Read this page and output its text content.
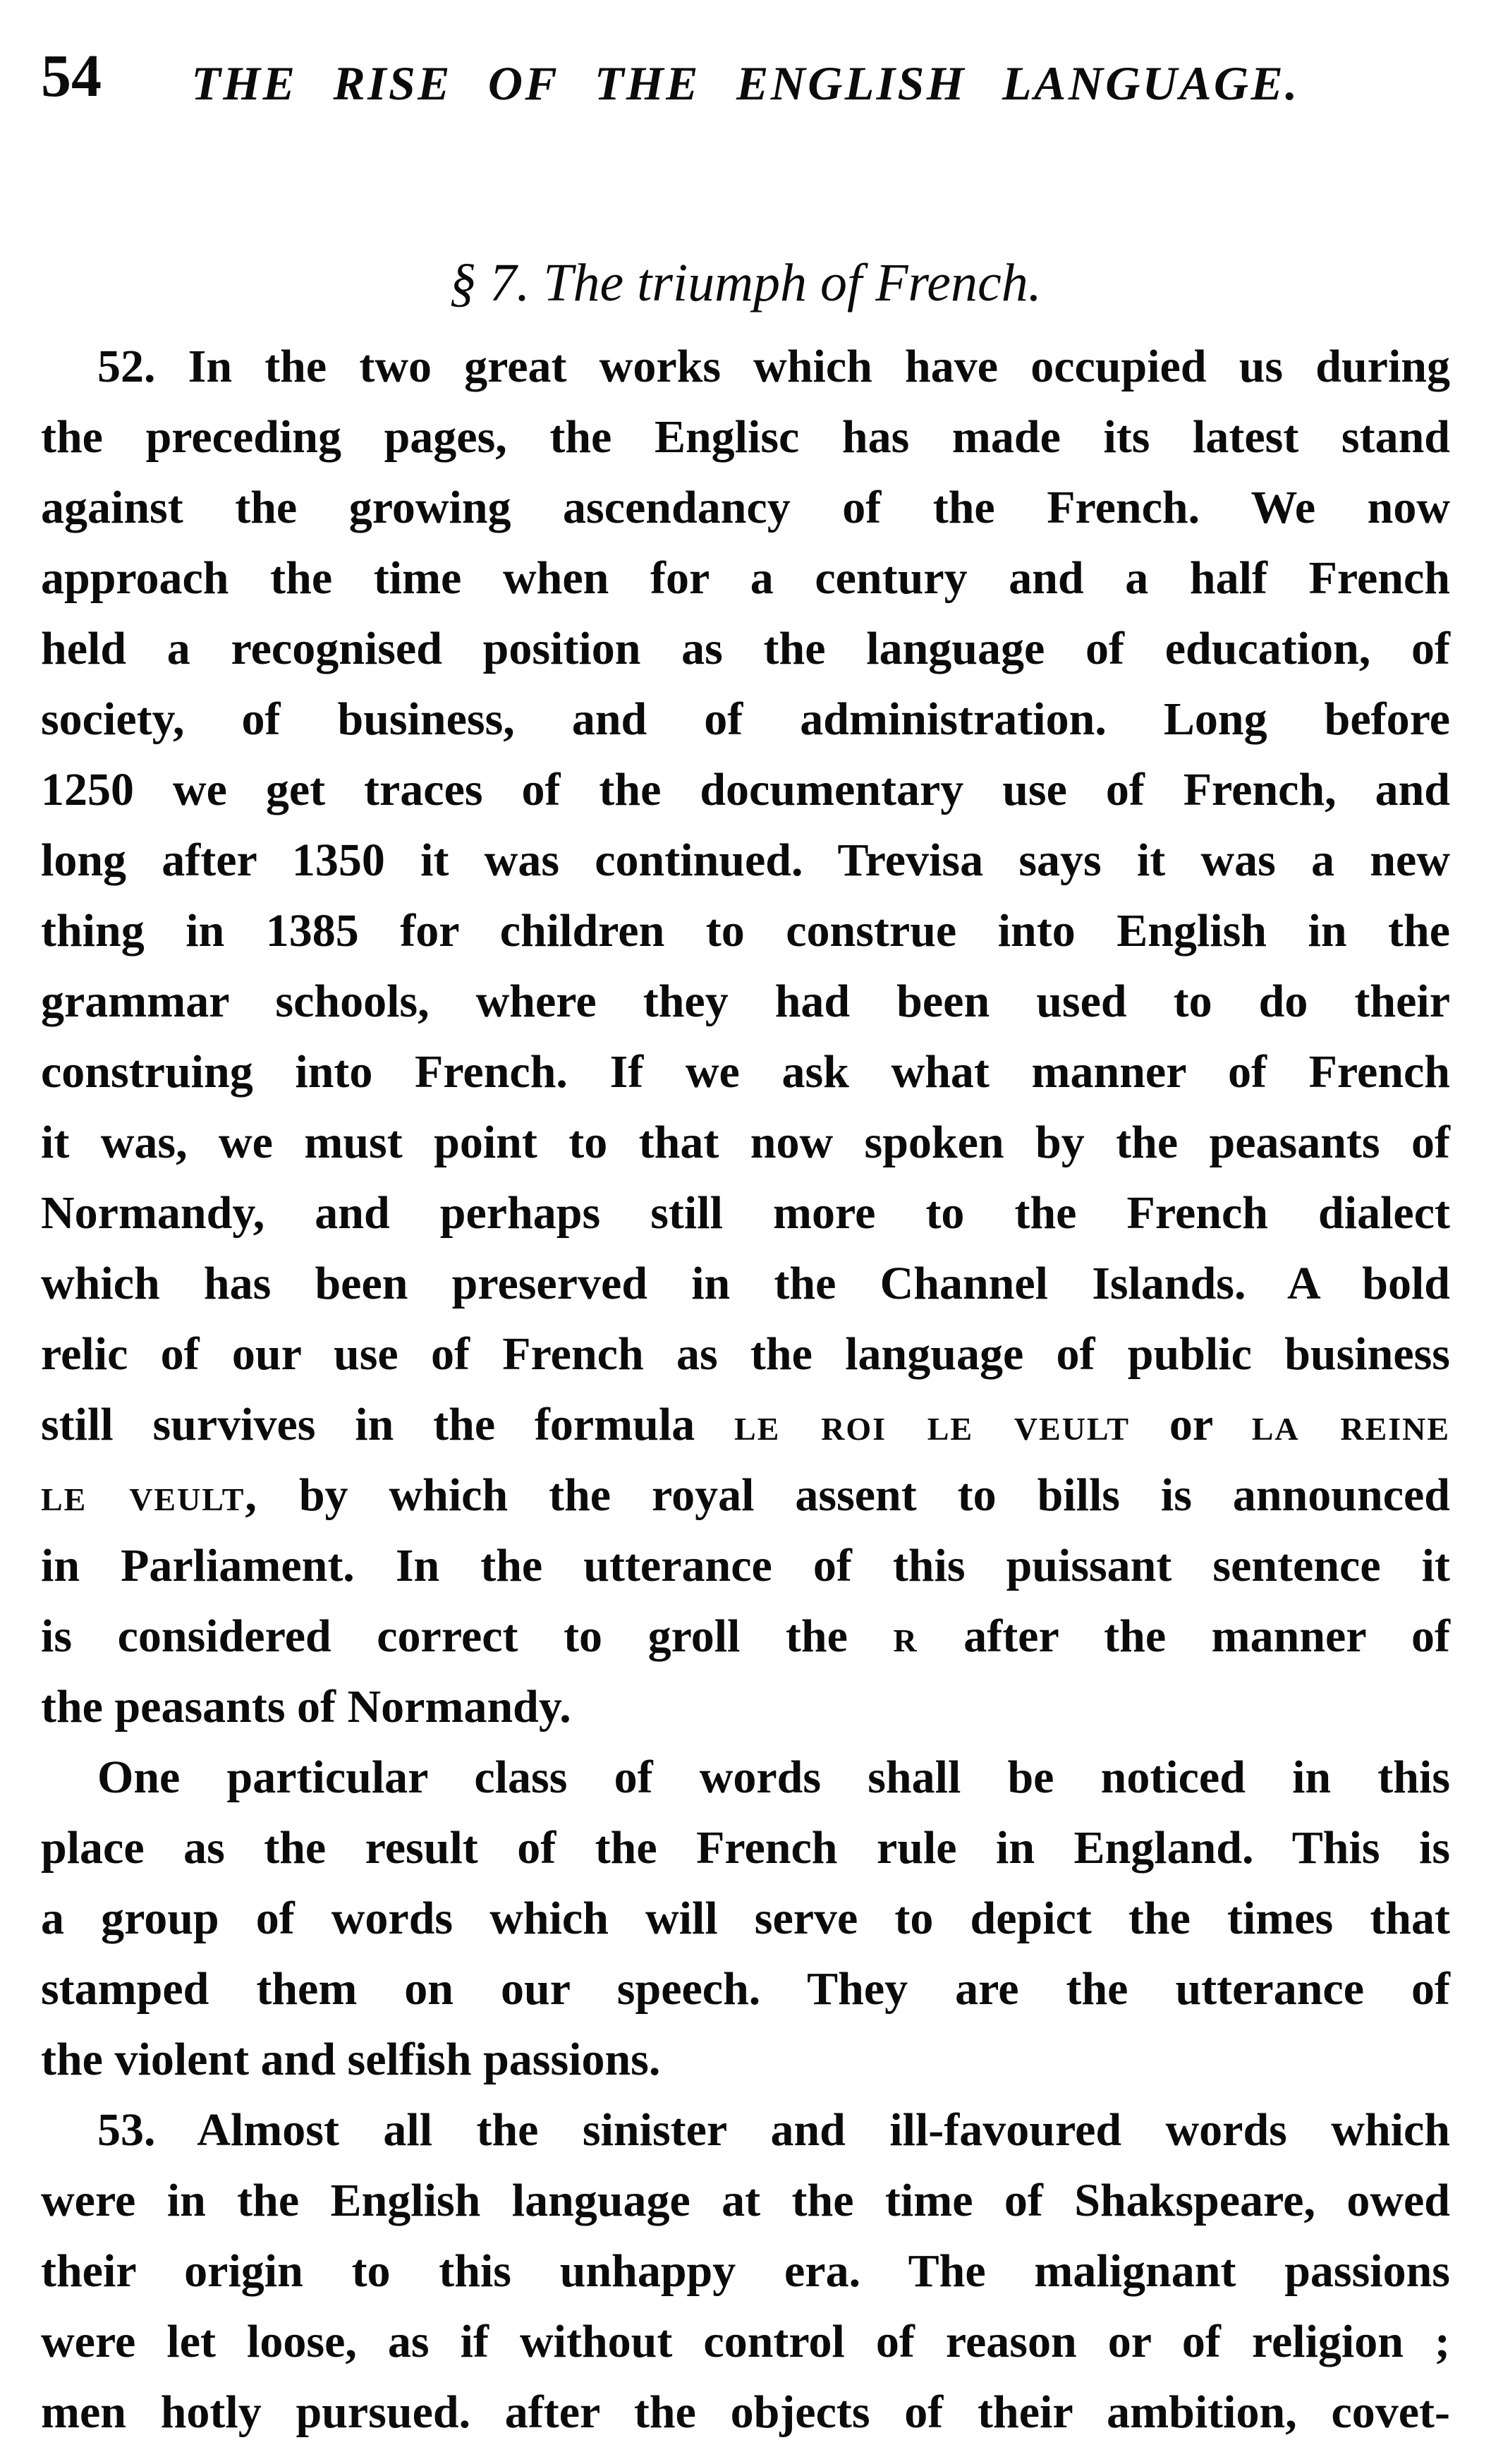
54	THE RISE OF THE ENGLISH LANGUAGE.
§ 7. The triumph of French.
52. In the two great works which have occupied us during
the preceding pages, the Englisc has made its latest stand
against the growing ascendancy of the French. We now
approach the time when for a century and a half French
held a recognised position as the language of education, of
society, of business, and of administration. Long before
1250 we get traces of the documentary use of French, and
long after 1350 it was continued. Trevisa says it was a new
thing in 1385 for children to construe into English in the
grammar schools, where they had been used to do their
construing into French. If we ask what manner of French
it was, we must point to that now spoken by the peasants of
Normandy, and perhaps still more to the French dialect
which has been preserved in the Channel Islands. A bold
relic of our use of French as the language of public business
still survives in the formula le roi le veult or la reine
le veult, by which the royal assent to bills is announced
in Parliament. In the utterance of this puissant sentence it
is considered correct to groll the r after the manner of
the peasants of Normandy.
One particular class of words shall be noticed in this
place as the result of the French rule in England. This is
a group of words which will serve to depict the times that
stamped them on our speech. They are the utterance of
the violent and selfish passions.
53. Almost all the sinister and ill-favoured words which
were in the English language at the time of Shakspeare, owed
their origin to this unhappy era. The malignant passions
were let loose, as if without control of reason or of religion ;
men hotly pursued. after the objects of their ambition, covet-
